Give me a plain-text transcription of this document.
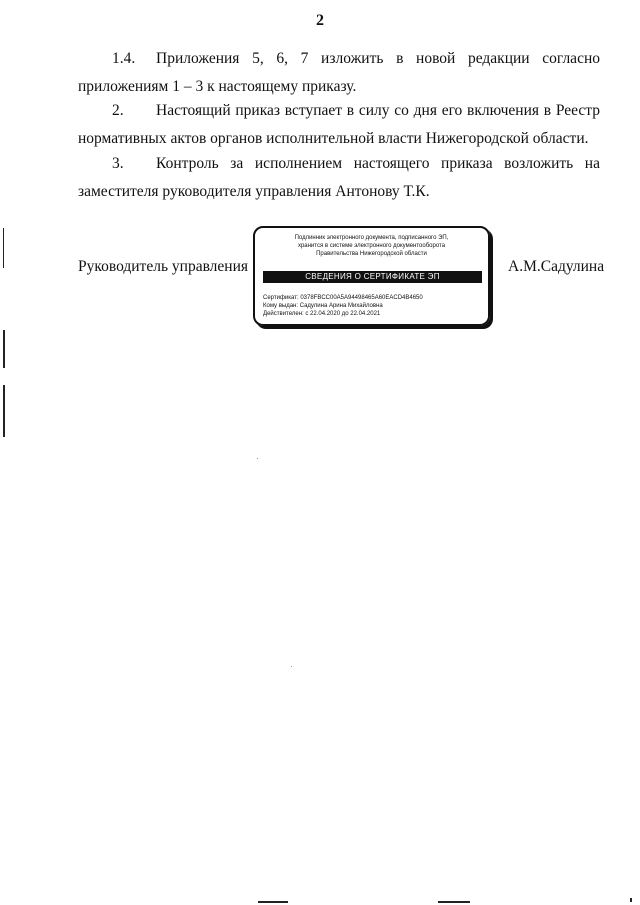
2
1.4. Приложения 5, 6, 7 изложить в новой редакции согласно приложениям 1 – 3 к настоящему приказу.
2. Настоящий приказ вступает в силу со дня его включения в Реестр нормативных актов органов исполнительной власти Нижегородской области.
3. Контроль за исполнением настоящего приказа возложить на заместителя руководителя управления Антонову Т.К.
Руководитель управления	А.М.Садулина
Подлинник электронного документа, подписанного ЭП,
хранится в системе электронного документооборота
Правительства Нижегородской области
СВЕДЕНИЯ О СЕРТИФИКАТЕ ЭП
Сертификат: 0378FBCC00A5A94498465A60EACD4B4650
Кому выдан: Садулина Арина Михайловна
Действителен: с 22.04.2020 до 22.04.2021
